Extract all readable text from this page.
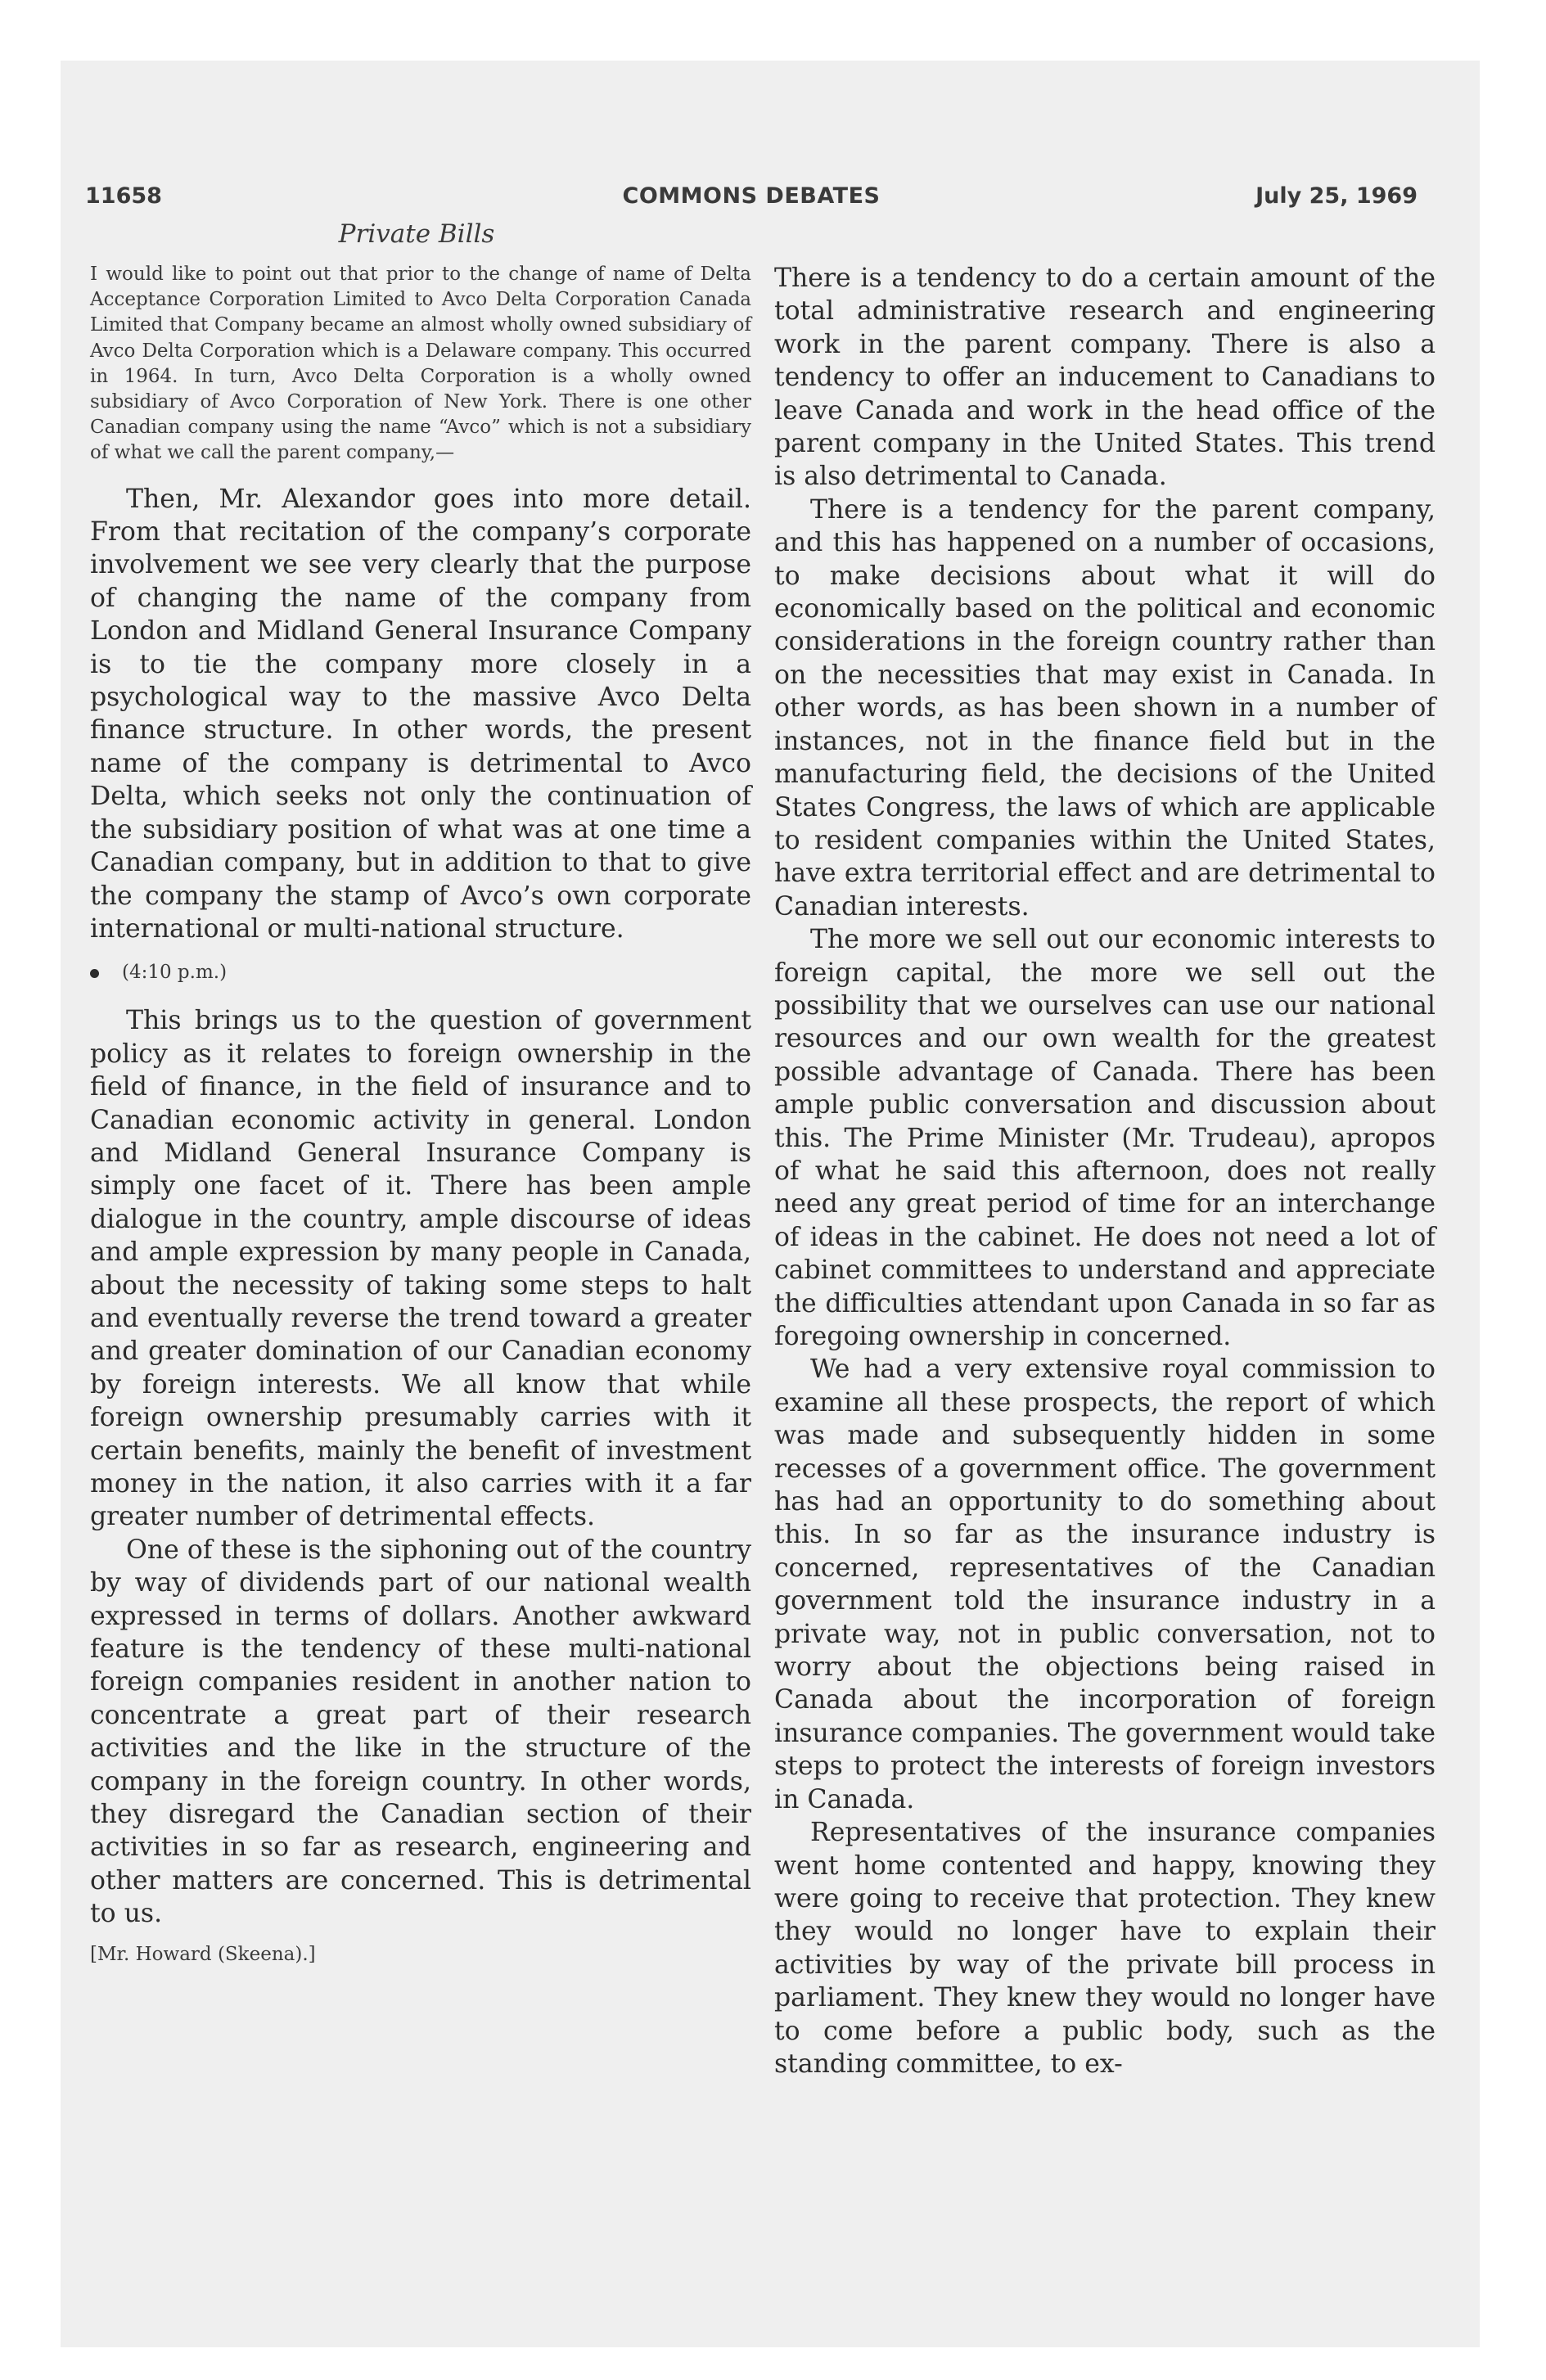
11658	COMMONS DEBATES	July 25, 1969
Private Bills

I would like to point out that prior to the change of name of Delta Acceptance Corporation Limited to Avco Delta Corporation Canada Limited that Company became an almost wholly owned subsidiary of Avco Delta Corporation which is a Delaware company. This occurred in 1964. In turn, Avco Delta Corporation is a wholly owned subsidiary of Avco Corporation of New York. There is one other Canadian company using the name “Avco” which is not a subsidiary of what we call the parent company,—

Then, Mr. Alexandor goes into more detail. From that recitation of the company’s corporate involvement we see very clearly that the purpose of changing the name of the company from London and Midland General Insurance Company is to tie the company more closely in a psychological way to the massive Avco Delta finance structure. In other words, the present name of the company is detrimental to Avco Delta, which seeks not only the continuation of the subsidiary position of what was at one time a Canadian company, but in addition to that to give the company the stamp of Avco’s own corporate international or multi-national structure.

(4:10 p.m.)

This brings us to the question of government policy as it relates to foreign ownership in the field of finance, in the field of insurance and to Canadian economic activity in general. London and Midland General Insurance Company is simply one facet of it. There has been ample dialogue in the country, ample discourse of ideas and ample expression by many people in Canada, about the necessity of taking some steps to halt and eventually reverse the trend toward a greater and greater domination of our Canadian economy by foreign interests. We all know that while foreign ownership presumably carries with it certain benefits, mainly the benefit of investment money in the nation, it also carries with it a far greater number of detrimental effects.

One of these is the siphoning out of the country by way of dividends part of our national wealth expressed in terms of dollars. Another awkward feature is the tendency of these multi-national foreign companies resident in another nation to concentrate a great part of their research activities and the like in the structure of the company in the foreign country. In other words, they disregard the Canadian section of their activities in so far as research, engineering and other matters are concerned. This is detrimental to us.

[Mr. Howard (Skeena).]

There is a tendency to do a certain amount of the total administrative research and engineering work in the parent company. There is also a tendency to offer an inducement to Canadians to leave Canada and work in the head office of the parent company in the United States. This trend is also detrimental to Canada.

There is a tendency for the parent company, and this has happened on a number of occasions, to make decisions about what it will do economically based on the political and economic considerations in the foreign country rather than on the necessities that may exist in Canada. In other words, as has been shown in a number of instances, not in the finance field but in the manufacturing field, the decisions of the United States Congress, the laws of which are applicable to resident companies within the United States, have extra territorial effect and are detrimental to Canadian interests.

The more we sell out our economic interests to foreign capital, the more we sell out the possibility that we ourselves can use our national resources and our own wealth for the greatest possible advantage of Canada. There has been ample public conversation and discussion about this. The Prime Minister (Mr. Trudeau), apropos of what he said this afternoon, does not really need any great period of time for an interchange of ideas in the cabinet. He does not need a lot of cabinet committees to understand and appreciate the difficulties attendant upon Canada in so far as foregoing ownership in concerned.

We had a very extensive royal commission to examine all these prospects, the report of which was made and subsequently hidden in some recesses of a government office. The government has had an opportunity to do something about this. In so far as the insurance industry is concerned, representatives of the Canadian government told the insurance industry in a private way, not in public conversation, not to worry about the objections being raised in Canada about the incorporation of foreign insurance companies. The government would take steps to protect the interests of foreign investors in Canada.

Representatives of the insurance companies went home contented and happy, knowing they were going to receive that protection. They knew they would no longer have to explain their activities by way of the private bill process in parliament. They knew they would no longer have to come before a public body, such as the standing committee, to ex-
